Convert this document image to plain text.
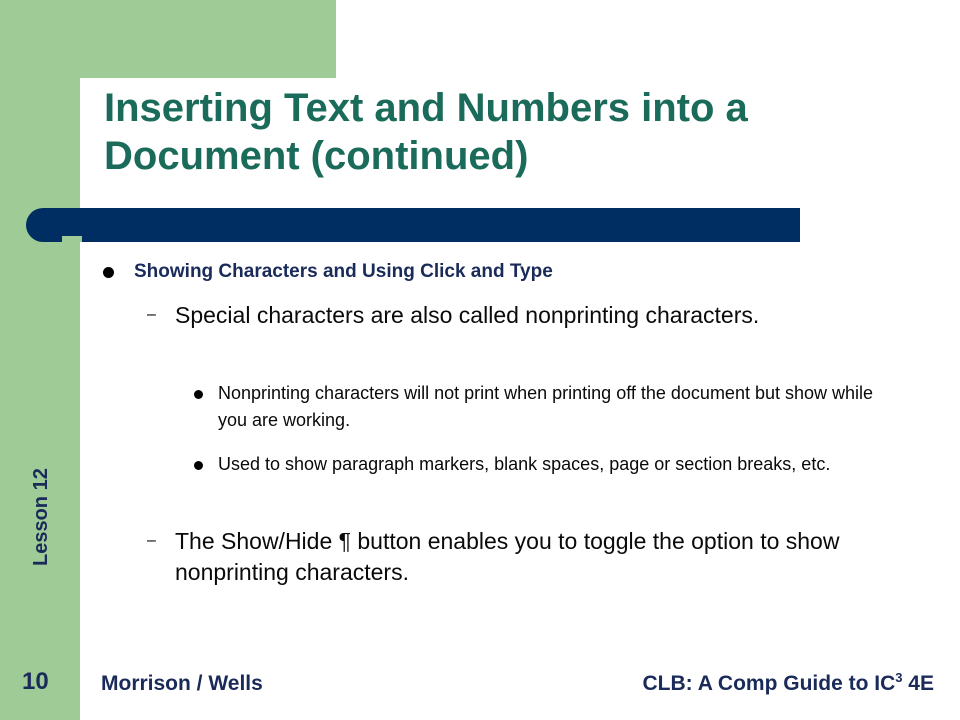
Inserting Text and Numbers into a Document (continued)
Lesson 12

Showing Characters and Using Click and Type

– Special characters are also called nonprinting characters.

Nonprinting characters will not print when printing off the document but show while you are working.

Used to show paragraph markers, blank spaces, page or section breaks, etc.

– The Show/Hide ¶ button enables you to toggle the option to show nonprinting characters.

10 Morrison / Wells	CLB: A Comp Guide to $IC^3$ 4E
